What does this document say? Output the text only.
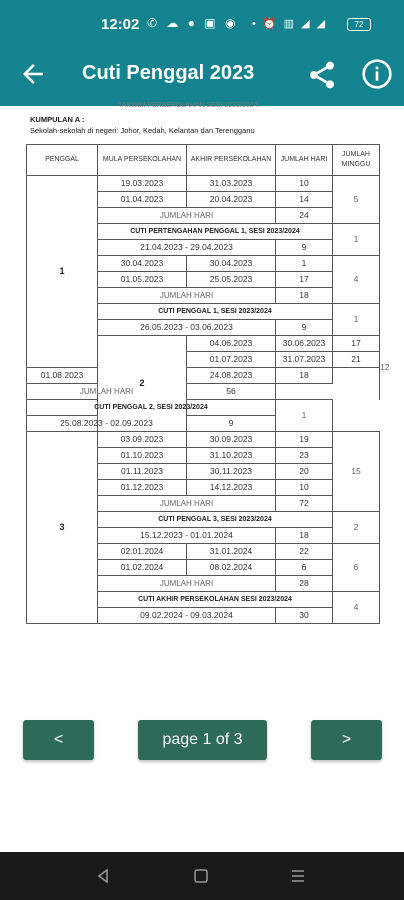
12:02 ✆ ☁ ● ▣ ◉ • ⏰ ▥ ◢ ◢	72
Cuti Penggal 2023
TAKWIM PERSEKOLAHAN SESI 2023/2024
KUMPULAN A :
Sekolah-sekolah di negeri: Johor, Kedah, Kelantan dan Terengganu
PENGGAL	MULA PERSEKOLAHAN	AKHIR PERSEKOLAHAN	JUMLAH HARI	JUMLAH MINGGU	
1	19.03.2023	31.03.2023	10	5	
	01.04.2023	20.04.2023	14		
	JUMLAH HARI		24		
	CUTI PERTENGAHAN PENGGAL 1, SESI 2023/2024			1	
	21.04.2023 - 29.04.2023		9		
	30.04.2023	30.04.2023	1	4	
	01.05.2023	25.05.2023	17		
	JUMLAH HARI		18		
	CUTI PENGGAL 1, SESI 2023/2024			1	
	26.05.2023 - 03.06.2023		9		
	2	04.06.2023	30.06.2023	17	12
		01.07.2023	31.07.2023	21	
01.08.2023		24.08.2023	18		
JUMLAH HARI		56			
CUTI PENGGAL 2, SESI 2023/2024			1		
25.08.2023 - 02.09.2023		9			
3	03.09.2023	30.09.2023	19	15	
	01.10.2023	31.10.2023	23		
	01.11.2023	30.11.2023	20		
	01.12.2023	14.12.2023	10		
	JUMLAH HARI		72		
	CUTI PENGGAL 3, SESI 2023/2024			2	
	15.12.2023 - 01.01.2024		18		
	02.01.2024	31.01.2024	22	6	
	01.02.2024	08.02.2024	6		
	JUMLAH HARI		28		
	CUTI AKHIR PERSEKOLAHAN SESI 2023/2024			4	
	09.02.2024 - 09.03.2024		30		
<	page 1 of 3	>
